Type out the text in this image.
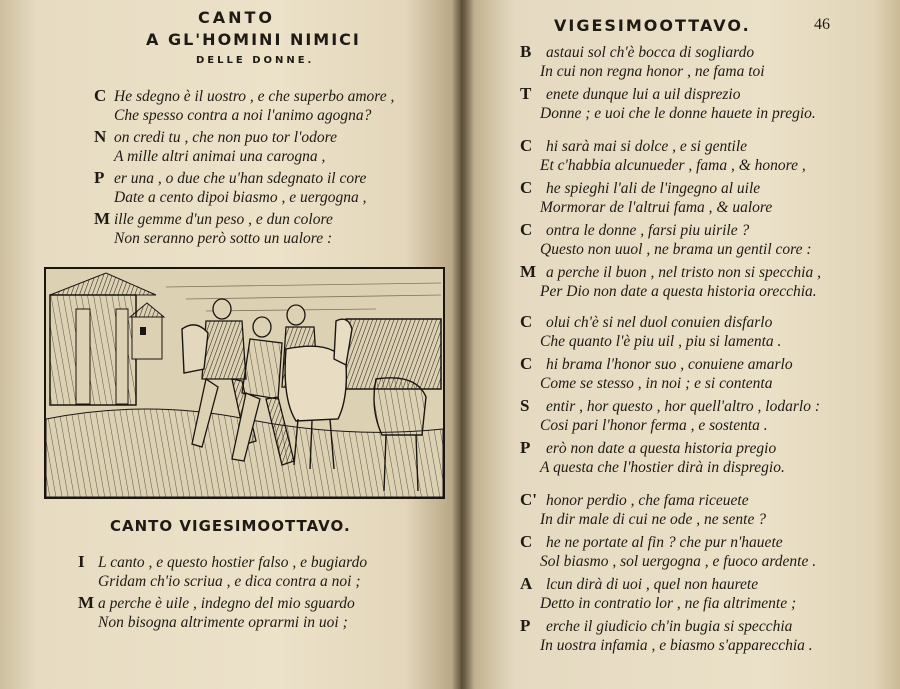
CANTO
A GL'HOMINI NIMICI
DELLE DONNE.
C He sdegno è il uostro , e che superbo amore ,
Che spesso contra a noi l'animo agogna?
N on credi tu , che non puo tor l'odore
A mille altri animai una carogna ,
P er una , o due che u'han sdegnato il core
Date a cento dipoi biasmo , e uergogna ,
M ille gemme d'un peso , e dun colore
Non seranno però sotto un ualore :
CANTO VIGESIMOOTTAVO.
I L canto , e questo hostier falso , e bugiardo
Gridam ch'io scriua , e dica contra a noi ;
M a perche è uile , indegno del mio sguardo
Non bisogna altrimente oprarmi in uoi ;
VIGESIMOOTTAVO.	46
B astaui sol ch'è bocca di sogliardo
In cui non regna honor , ne fama toi
T enete dunque lui a uil disprezio
Donne ; e uoi che le donne hauete in pregio.
C hi sarà mai si dolce , e si gentile
Et c'habbia alcunueder , fama , & honore ,
C he spieghi l'ali de l'ingegno al uile
Mormorar de l'altrui fama , & ualore
C ontra le donne , farsi piu uirile ?
Questo non uuol , ne brama un gentil core :
M a perche il buon , nel tristo non si specchia ,
Per Dio non date a questa historia orecchia.
C olui ch'è si nel duol conuien disfarlo
Che quanto l'è piu uil , piu si lamenta .
C hi brama l'honor suo , conuiene amarlo
Come se stesso , in noi ; e si contenta
S entir , hor questo , hor quell'altro , lodarlo :
Cosi pari l'honor ferma , e sostenta .
P erò non date a questa historia pregio
A questa che l'hostier dirà in dispregio.
C' honor perdio , che fama riceuete
In dir male di cui ne ode , ne sente ?
C he ne portate al fin ? che pur n'hauete
Sol biasmo , sol uergogna , e fuoco ardente .
A lcun dirà di uoi , quel non haurete
Detto in contratio lor , ne fia altrimente ;
P erche il giudicio ch'in bugia si specchia
In uostra infamia , e biasmo s'apparecchia .
